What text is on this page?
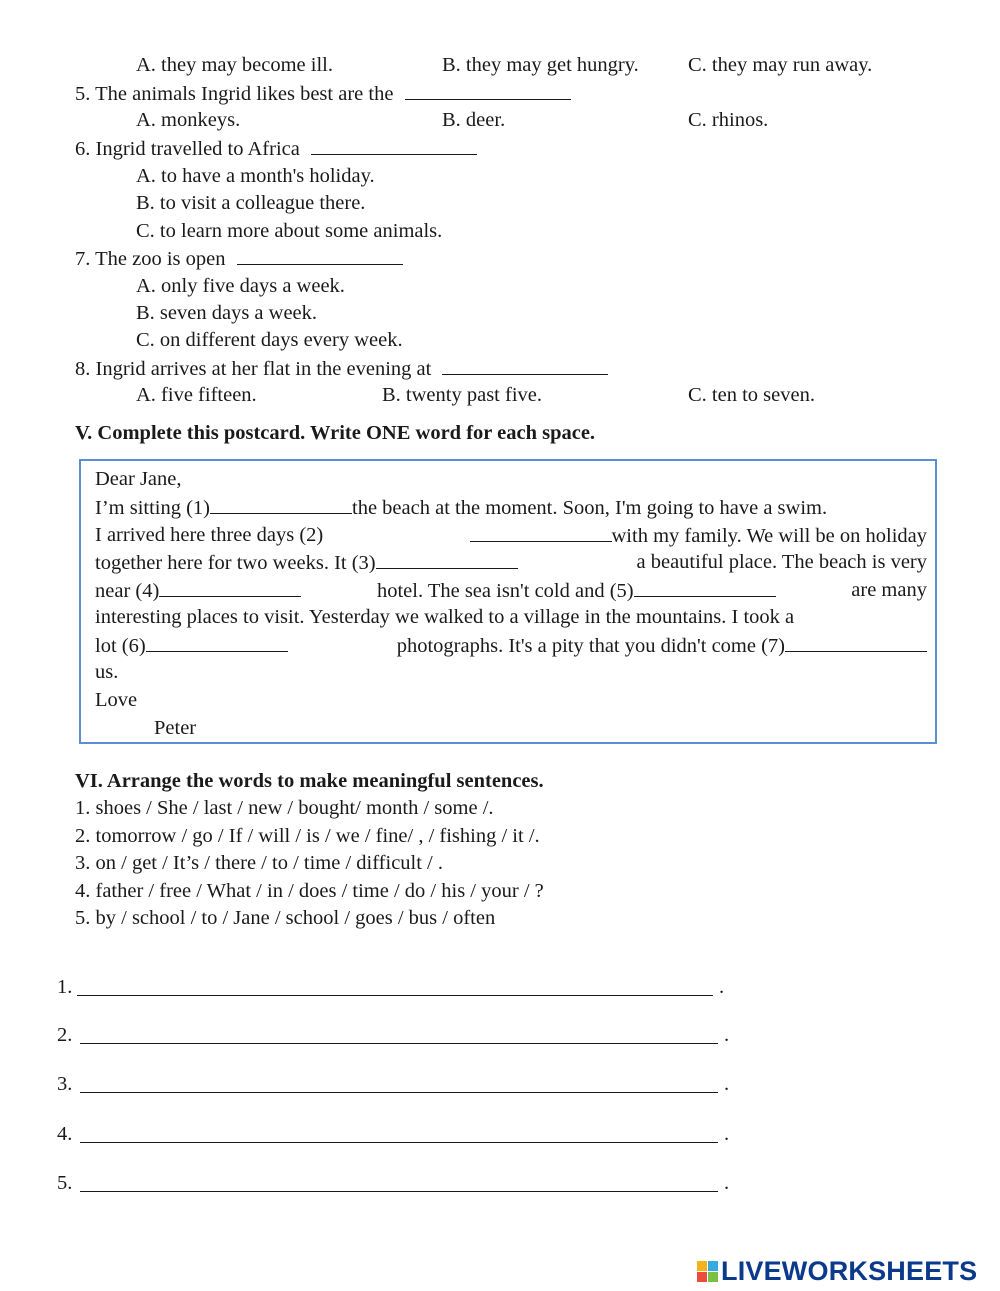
A. they may become ill.	B. they may get hungry. C. they may run away.
5. The animals Ingrid likes best are the
A. monkeys.	B. deer.	C. rhinos.
6. Ingrid travelled to Africa
A. to have a month's holiday.
B. to visit a colleague there.
C. to learn more about some animals.
7. The zoo is open
A. only five days a week.
B. seven days a week.
C. on different days every week.
8. Ingrid arrives at her flat in the evening at
A. five fifteen.	B. twenty past five.	C. ten to seven.
V. Complete this postcard. Write ONE word for each space.
Dear Jane,
I’m sitting (1)	the beach at the moment. Soon, I'm going to have a swim.
I arrived here three days (2)	with my family. We will be on holiday
together here for two weeks. It (3)	a beautiful place. The beach is very
near (4)	hotel. The sea isn't cold and (5)	are many
interesting places to visit. Yesterday we walked to a village in the mountains. I took a
lot (6)	photographs. It's a pity that you didn't come (7)
us.
Love
Peter
VI. Arrange the words to make meaningful sentences.
1. shoes / She / last / new / bought/ month / some /.
2. tomorrow / go / If / will / is / we / fine/ , / fishing / it /.
3. on / get / It’s / there / to / time / difficult / .
4. father / free / What / in / does / time / do / his / your / ?
5. by / school / to / Jane / school / goes / bus / often
1.	.
2.	.
3.	.
4.	.
5.	.
LIVEWORKSHEETS
